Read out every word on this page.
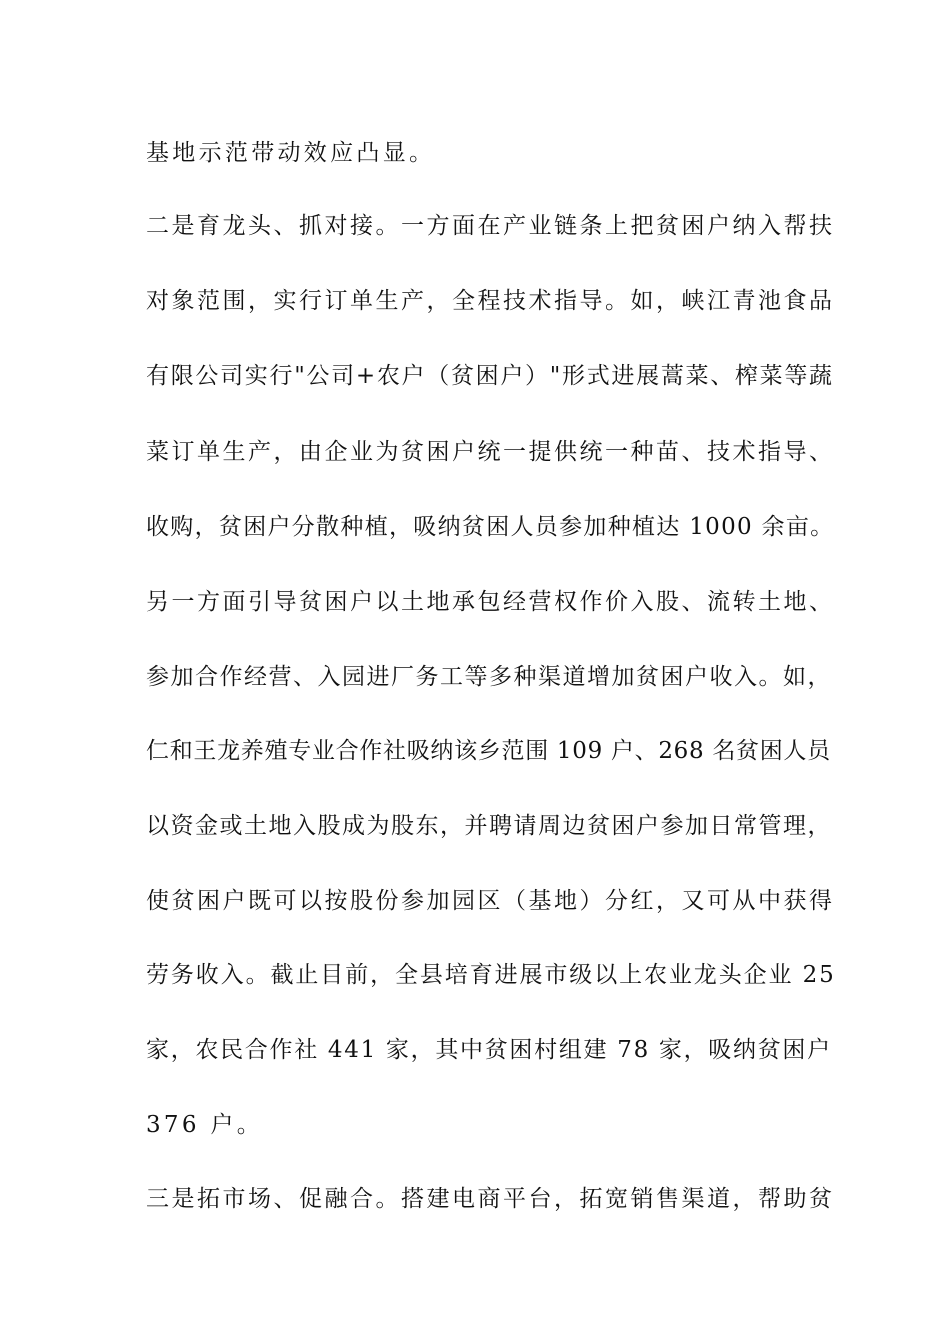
基地示范带动效应凸显。

二是育龙头、抓对接。一方面在产业链条上把贫困户纳入帮扶

对象范围，实行订单生产，全程技术指导。如，峡江青池食品

有限公司实行"公司+农户（贫困户）"形式进展蒿菜、榨菜等蔬

菜订单生产，由企业为贫困户统一提供统一种苗、技术指导、

收购，贫困户分散种植，吸纳贫困人员参加种植达 1000 余亩。

另一方面引导贫困户以土地承包经营权作价入股、流转土地、

参加合作经营、入园进厂务工等多种渠道增加贫困户收入。如，

仁和王龙养殖专业合作社吸纳该乡范围 109 户、268 名贫困人员

以资金或土地入股成为股东，并聘请周边贫困户参加日常管理，

使贫困户既可以按股份参加园区（基地）分红，又可从中获得

劳务收入。截止目前，全县培育进展市级以上农业龙头企业 25

家，农民合作社 441 家，其中贫困村组建 78 家，吸纳贫困户

376 户。

三是拓市场、促融合。搭建电商平台，拓宽销售渠道，帮助贫
